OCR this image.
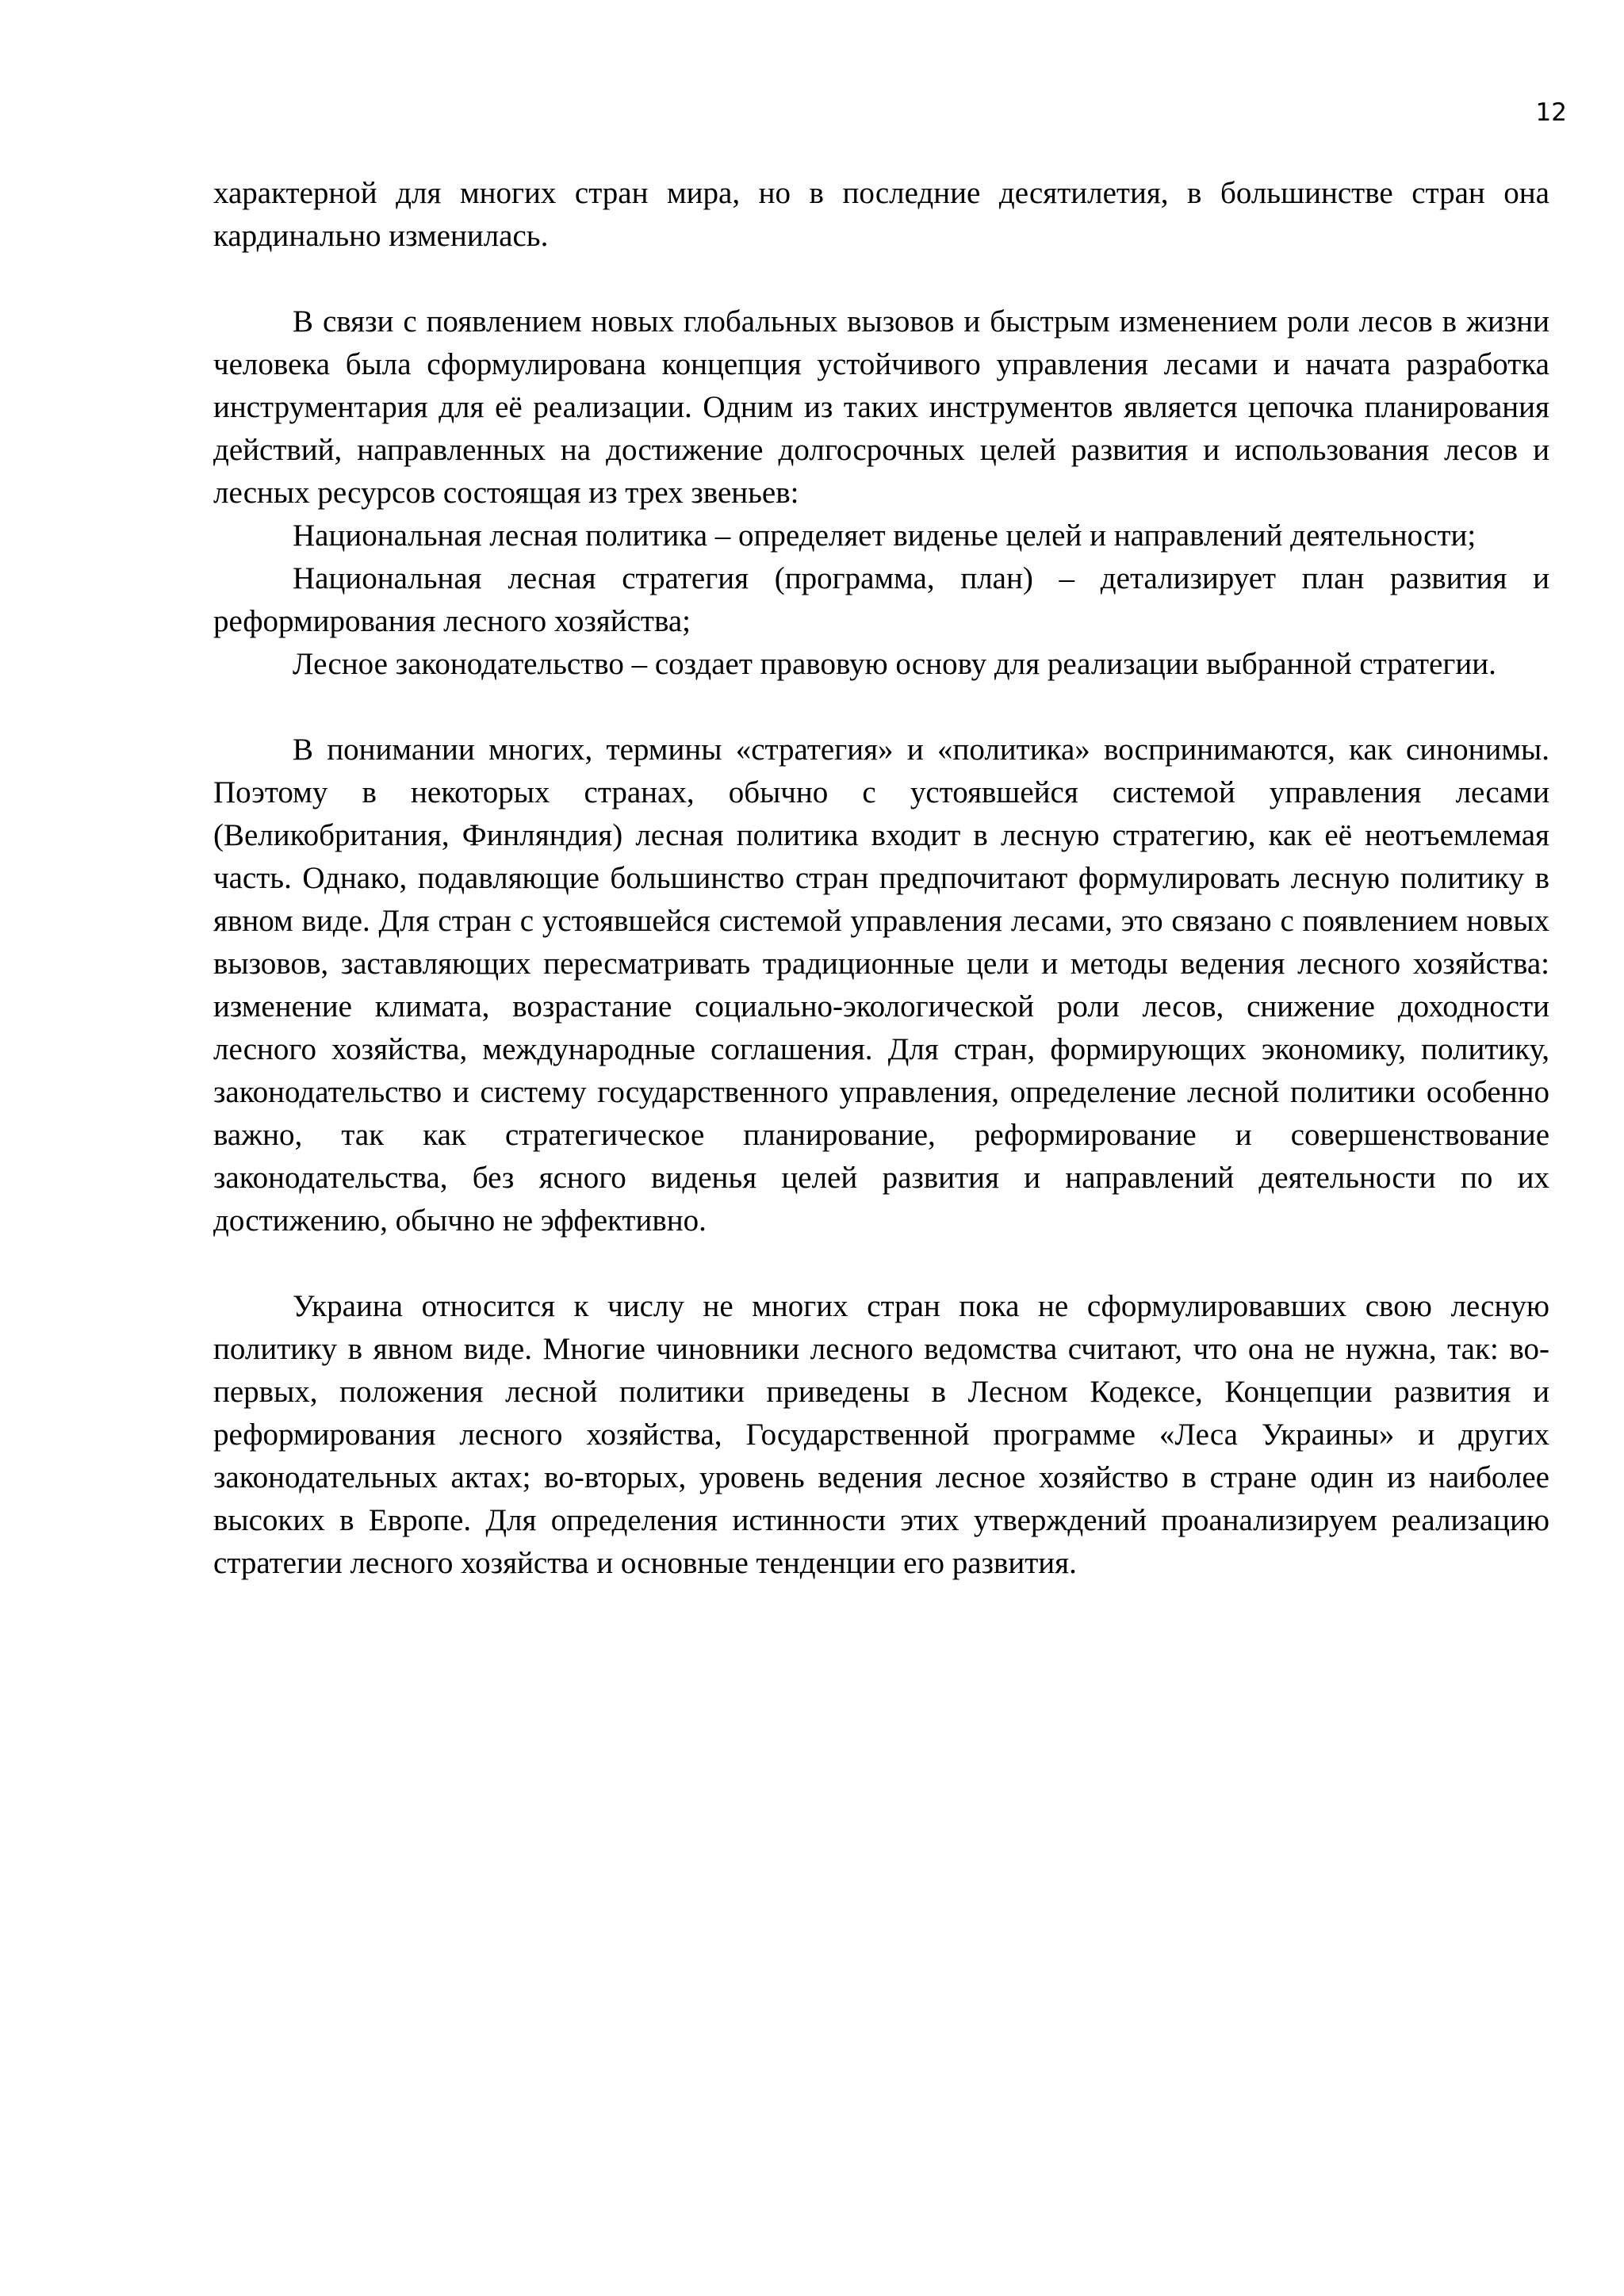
12

характерной для многих стран мира, но в последние десятилетия, в большинстве стран она кардинально изменилась.

В связи с появлением новых глобальных вызовов и быстрым изменением роли лесов в жизни человека была сформулирована концепция устойчивого управления лесами и начата разработка инструментария для её реализации. Одним из таких инструментов является цепочка планирования действий, направленных на достижение долгосрочных целей развития и использования лесов и лесных ресурсов состоящая из трех звеньев:

Национальная лесная политика – определяет виденье целей и направлений деятельности;

Национальная лесная стратегия (программа, план) – детализирует план развития и реформирования лесного хозяйства;

Лесное законодательство – создает правовую основу для реализации выбранной стратегии.

В понимании многих, термины «стратегия» и «политика» воспринимаются, как синонимы. Поэтому в некоторых странах, обычно с устоявшейся системой управления лесами (Великобритания, Финляндия) лесная политика входит в лесную стратегию, как её неотъемлемая часть. Однако, подавляющие большинство стран предпочитают формулировать лесную политику в явном виде. Для стран с устоявшейся системой управления лесами, это связано с появлением новых вызовов, заставляющих пересматривать традиционные цели и методы ведения лесного хозяйства: изменение климата, возрастание социально-экологической роли лесов, снижение доходности лесного хозяйства, международные соглашения. Для стран, формирующих экономику, политику, законодательство и систему государственного управления, определение лесной политики особенно важно, так как стратегическое планирование, реформирование и совершенствование законодательства, без ясного виденья целей развития и направлений деятельности по их достижению, обычно не эффективно.

Украина относится к числу не многих стран пока не сформулировавших свою лесную политику в явном виде. Многие чиновники лесного ведомства считают, что она не нужна, так: во-первых, положения лесной политики приведены в Лесном Кодексе, Концепции развития и реформирования лесного хозяйства, Государственной программе «Леса Украины» и других законодательных актах; во-вторых, уровень ведения лесное хозяйство в стране один из наиболее высоких в Европе. Для определения истинности этих утверждений проанализируем реализацию стратегии лесного хозяйства и основные тенденции его развития.
